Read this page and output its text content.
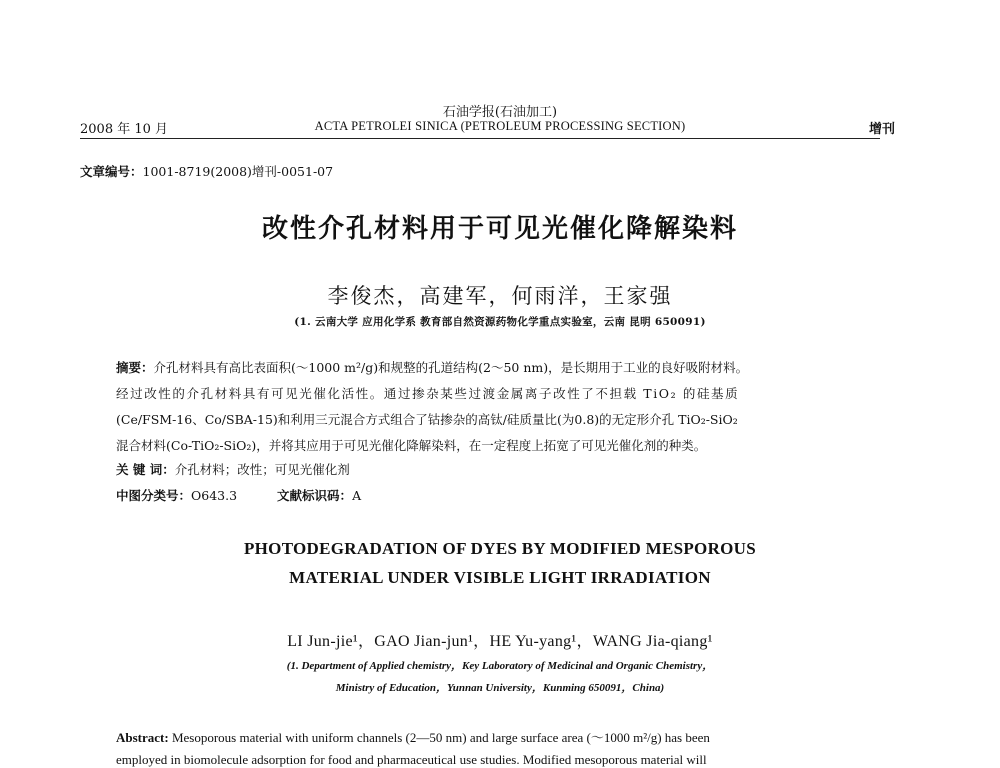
石油学报(石油加工)
2008 年 10 月	ACTA PETROLEI SINICA (PETROLEUM PROCESSING SECTION)	增刊
文章编号：1001-8719(2008)增刊-0051-07
改性介孔材料用于可见光催化降解染料
李俊杰，高建军，何雨洋，王家强
(1. 云南大学 应用化学系 教育部自然资源药物化学重点实验室，云南 昆明 650091)
摘要：介孔材料具有高比表面积(～1000 m²/g)和规整的孔道结构(2～50 nm)，是长期用于工业的良好吸附材料。
经过改性的介孔材料具有可见光催化活性。通过掺杂某些过渡金属离子改性了不担载 TiO₂ 的硅基质
(Ce/FSM-16、Co/SBA-15)和利用三元混合方式组合了钴掺杂的高钛/硅质量比(为0.8)的无定形介孔 TiO₂-SiO₂
混合材料(Co-TiO₂-SiO₂)，并将其应用于可见光催化降解染料，在一定程度上拓宽了可见光催化剂的种类。
关 键 词：介孔材料；改性；可见光催化剂
中图分类号：O643.3	文献标识码：A
PHOTODEGRADATION OF DYES BY MODIFIED MESPOROUS
MATERIAL UNDER VISIBLE LIGHT IRRADIATION
LI Jun-jie¹，GAO Jian-jun¹，HE Yu-yang¹，WANG Jia-qiang¹
(1. Department of Applied chemistry，Key Laboratory of Medicinal and Organic Chemistry，
Ministry of Education，Yunnan University，Kunming 650091，China)
Abstract: Mesoporous material with uniform channels (2—50 nm) and large surface area (～1000 m²/g) has been
employed in biomolecule adsorption for food and pharmaceutical use studies. Modified mesoporous material will
